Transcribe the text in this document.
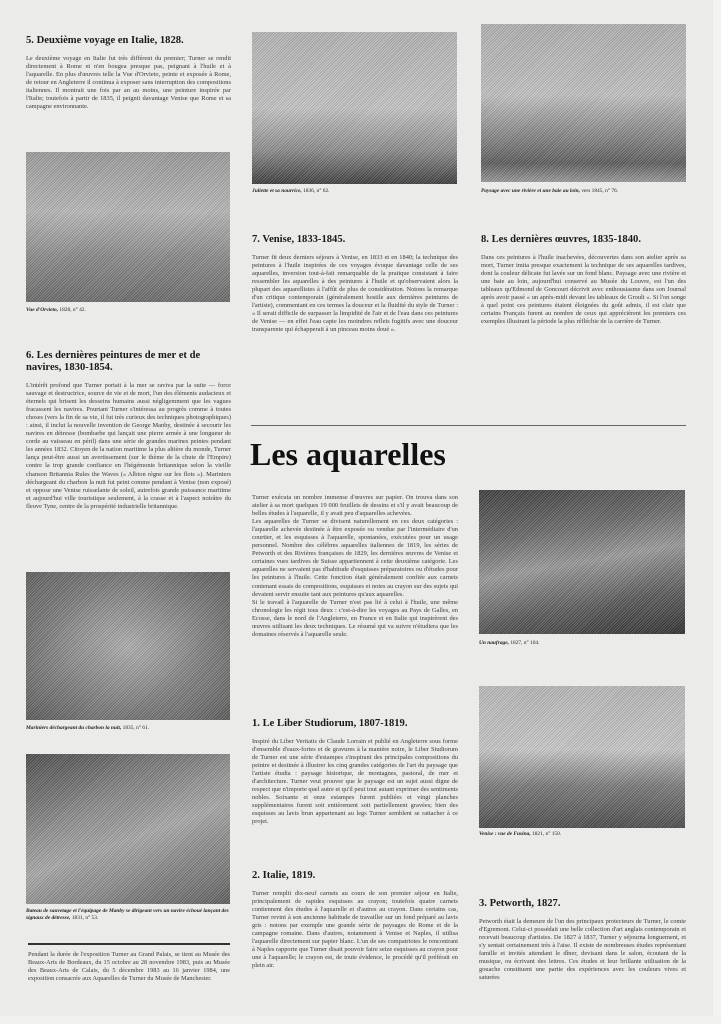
5. Deuxième voyage en Italie, 1828.

Le deuxième voyage en Italie fut très différent du premier; Turner se rendit directement à Rome et n'en bougea presque pas, peignant à l'huile et à l'aquarelle. En plus d'œuvres telle la Vue d'Orvieto, peinte et exposée à Rome, de retour en Angleterre il continua à exposer sans interruption des compositions italiennes. Il montrait une fois par an au moins, une peinture inspirée par l'Italie; toutefois à partir de 1835, il peignit davantage Venise que Rome et sa campagne environnante.

Vue d'Orvieto, 1828, n° 42.
6. Les dernières peintures de mer et de navires, 1830-1854.

L'intérêt profond que Turner portait à la mer se raviva par la suite — force sauvage et destructrice, source de vie et de mort, l'un des éléments audacieux et éternels qui brisent les desseins humains aussi négligemment que les vagues fracassent les navires. Pourtant Turner s'intéressa au progrès comme à toutes choses (vers la fin de sa vie, il fut très curieux des techniques photographiques) : ainsi, il inclut la nouvelle invention de George Manby, destinée à secourir les navires en détresse (bombarbe qui lançait une pierre armée à une longueur de corde au vaisseau en péril) dans une série de grandes marines peintes pendant les années 1832. Citoyen de la nation maritime la plus altière du monde, Turner lança peut-être aussi un avertissement (sur le thème de la chute de l'Empire) contre la trop grande confiance en l'hégémonie britannique selon la vieille chanson Britannia Rules the Waves (« Albion règne sur les flots »). Mariniers déchargeant du charbon la nuit fut peint comme pendant à Venise (non exposé) et oppose une Venise ruisselante de soleil, autrefois grande puissance maritime et aujourd'hui ville touristique seulement, à la crasse et à l'aspect noirâtre du fleuve Tyne, centre de la prospérité industrielle britannique.

Mariniers déchargeant du charbon la nuit, 1835, n° 61.
Bateau de sauvetage et l'équipage de Manby se dirigeant vers un navire échoué lançant des signaux de détresse, 1831, n° 53.

Pendant la durée de l'exposition Turner au Grand Palais, se tient au Musée des Beaux-Arts de Bordeaux, du 15 octobre au 28 novembre 1983, puis au Musée des Beaux-Arts de Calais, du 5 décembre 1983 au 16 janvier 1984, une exposition consacrée aux Aquarelles de Turner du Musée de Manchester.

Juliette et sa nourrice, 1836, n° 62.
7. Venise, 1833-1845.

Turner fit deux derniers séjours à Venise, en 1833 et en 1840; la technique des peintures à l'huile inspirées de ces voyages évoque davantage celle de ses aquarelles, inversion tout-à-fait remarquable de la pratique consistant à faire ressembler les aquarelles à des peintures à l'huile et qu'observaient alors la plupart des aquarellistes à l'affût de plus de considération. Notons la remarque d'un critique contemporain (généralement hostile aux dernières peintures de l'artiste), commentant en ces termes la douceur et la fluidité du style de Turner : « Il serait difficile de surpasser la limpidité de l'air et de l'eau dans ces peintures de Venise — en effet l'eau capte les moindres reflets fugitifs avec une douceur transparente qui échapperait à un pinceau moins doué ».

Paysage avec une rivière et une baie au loin, vers 1845, n° 76.
8. Les dernières œuvres, 1835-1840.

Dans ces peintures à l'huile inachevées, découvertes dans son atelier après sa mort, Turner imita presque exactement la technique de ses aquarelles tardives, dont la couleur délicate fut lavée sur un fond blanc. Paysage avec une rivière et une baie au loin, aujourd'hui conservé au Musée du Louvre, est l'un des tableaux qu'Edmond de Goncourt décrivit avec enthousiasme dans son Journal après avoir passé « un après-midi devant les tableaux de Groult ». Si l'on songe à quel point ces peintures étaient éloignées du goût admis, il est clair que certains Français furent au nombre de ceux qui apprécièrent les premiers ces exemples illustrant la période la plus réfléchie de la carrière de Turner.

Les aquarelles

Turner exécuta un nombre immense d'œuvres sur papier. On trouva dans son atelier à sa mort quelques 19 000 feuillets de dessins et s'il y avait beaucoup de belles études à l'aquarelle, il y avait peu d'aquarelles achevées.

Les aquarelles de Turner se divisent naturellement en ces deux catégories : l'aquarelle achevée destinée à être exposée ou vendue par l'intermédiaire d'un courtier, et les esquisses à l'aquarelle, spontanées, exécutées pour un usage personnel. Nombre des célèbres aquarelles italiennes de 1819, les séries de Petworth et des Rivières françaises de 1829, les dernières œuvres de Venise et certaines vues tardives de Suisse appartiennent à cette deuxième catégorie. Les aquarelles ne servaient pas d'habitude d'esquisses préparatoires ou d'études pour les peintures à l'huile. Cette fonction était généralement confiée aux carnets contenant essais de compositions, esquisses et notes au crayon sur des sujets qui devaient servir ensuite tant aux peintures qu'aux aquarelles.

Si le travail à l'aquarelle de Turner n'est pas lié à celui à l'huile, une même chronologie les régit tous deux : c'est-à-dire les voyages au Pays de Galles, en Ecosse, dans le nord de l'Angleterre, en France et en Italie qui inspirèrent des œuvres utilisant les deux techniques. Le résumé qui va suivre n'étudiera que les domaines réservés à l'aquarelle seule.

1. Le Liber Studiorum, 1807-1819.

Inspiré du Liber Veritatis de Claude Lorrain et publié en Angleterre sous forme d'ensemble d'eaux-fortes et de gravures à la manière noire, le Liber Studiorum de Turner est une série d'estampes s'inspirant des principales compositions du peintre et destinée à illustrer les cinq grandes catégories de l'art du paysage que l'artiste étudia : paysage historique, de montagnes, pastoral, de mer et d'architecture. Turner veut prouver que le paysage est un sujet aussi digne de respect que n'importe quel autre et qu'il peut tout autant exprimer des sentiments nobles. Soixante et onze estampes furent publiées et vingt planches supplémentaires furent soit entièrement soit partiellement gravées; bien des esquisses au lavis brun appartenant au legs Turner semblent se rattacher à ce projet.

2. Italie, 1819.

Turner remplit dix-neuf carnets au cours de son premier séjour en Italie, principalement de rapides esquisses au crayon; toutefois quatre carnets contiennent des études à l'aquarelle et d'autres au crayon. Dans certains cas, Turner revint à son ancienne habitude de travailler sur un fond préparé au lavis gris : notons par exemple une grande série de paysages de Rome et de la campagne romaine. Dans d'autres, notamment à Venise et Naples, il utilisa l'aquarelle directement sur papier blanc. L'un de ses compatriotes le rencontrant à Naples rapporte que Turner disait pouvoir faire seize esquisses au crayon pour une à l'aquarelle; le crayon est, de toute évidence, le procédé qu'il préférait en plein air.

Un naufrage, 1827, n° 104.
Venise : vue de Fusina, 1821, n° 150.
3. Petworth, 1827.

Petworth était la demeure de l'un des principaux protecteurs de Turner, le comte d'Egremont. Celui-ci possédait une belle collection d'art anglais contemporain et recevait beaucoup d'artistes. De 1827 à 1837, Turner y séjourna longuement, et s'y sentait certainement très à l'aise. Il existe de nombreuses études représentant famille et invités attendant le dîner, devisant dans le salon, écoutant de la musique, ou écrivant des lettres. Ces études et leur brillante utilisation de la gouache constituent une partie des expériences avec les couleurs vives et saturées
